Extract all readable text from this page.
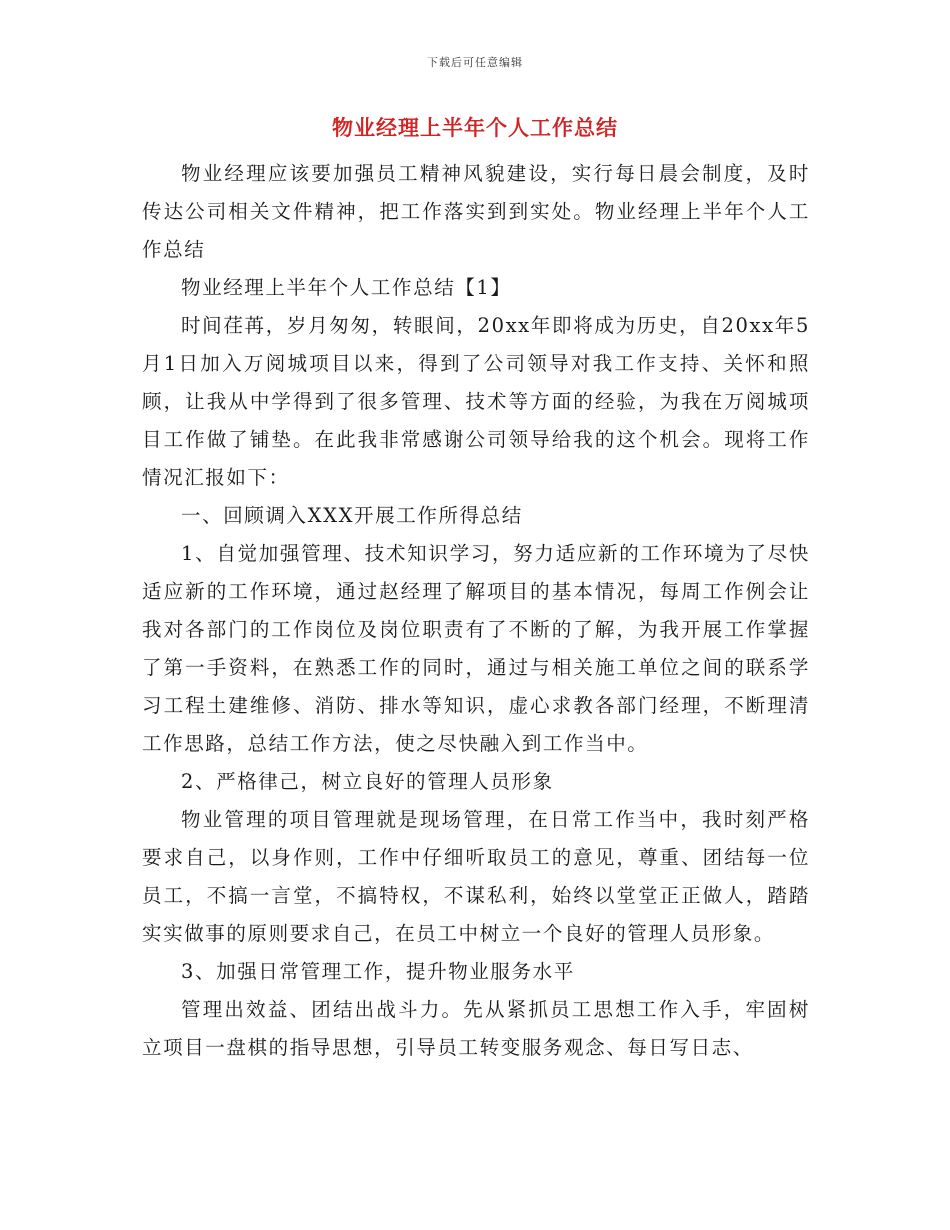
下载后可任意编辑
物业经理上半年个人工作总结

物业经理应该要加强员工精神风貌建设，实行每日晨会制度，及时传达公司相关文件精神，把工作落实到到实处。物业经理上半年个人工作总结

物业经理上半年个人工作总结【1】

时间荏苒，岁月匆匆，转眼间，20xx年即将成为历史，自20xx年5月1日加入万阅城项目以来，得到了公司领导对我工作支持、关怀和照顾，让我从中学得到了很多管理、技术等方面的经验，为我在万阅城项目工作做了铺垫。在此我非常感谢公司领导给我的这个机会。现将工作情况汇报如下：

一、回顾调入XXX开展工作所得总结

1、自觉加强管理、技术知识学习，努力适应新的工作环境为了尽快适应新的工作环境，通过赵经理了解项目的基本情况，每周工作例会让我对各部门的工作岗位及岗位职责有了不断的了解，为我开展工作掌握了第一手资料，在熟悉工作的同时，通过与相关施工单位之间的联系学习工程土建维修、消防、排水等知识，虚心求教各部门经理，不断理清工作思路，总结工作方法，使之尽快融入到工作当中。

2、严格律己，树立良好的管理人员形象

物业管理的项目管理就是现场管理，在日常工作当中，我时刻严格要求自己，以身作则，工作中仔细听取员工的意见，尊重、团结每一位员工，不搞一言堂，不搞特权，不谋私利，始终以堂堂正正做人，踏踏实实做事的原则要求自己，在员工中树立一个良好的管理人员形象。

3、加强日常管理工作，提升物业服务水平

管理出效益、团结出战斗力。先从紧抓员工思想工作入手，牢固树立项目一盘棋的指导思想，引导员工转变服务观念、每日写日志、
